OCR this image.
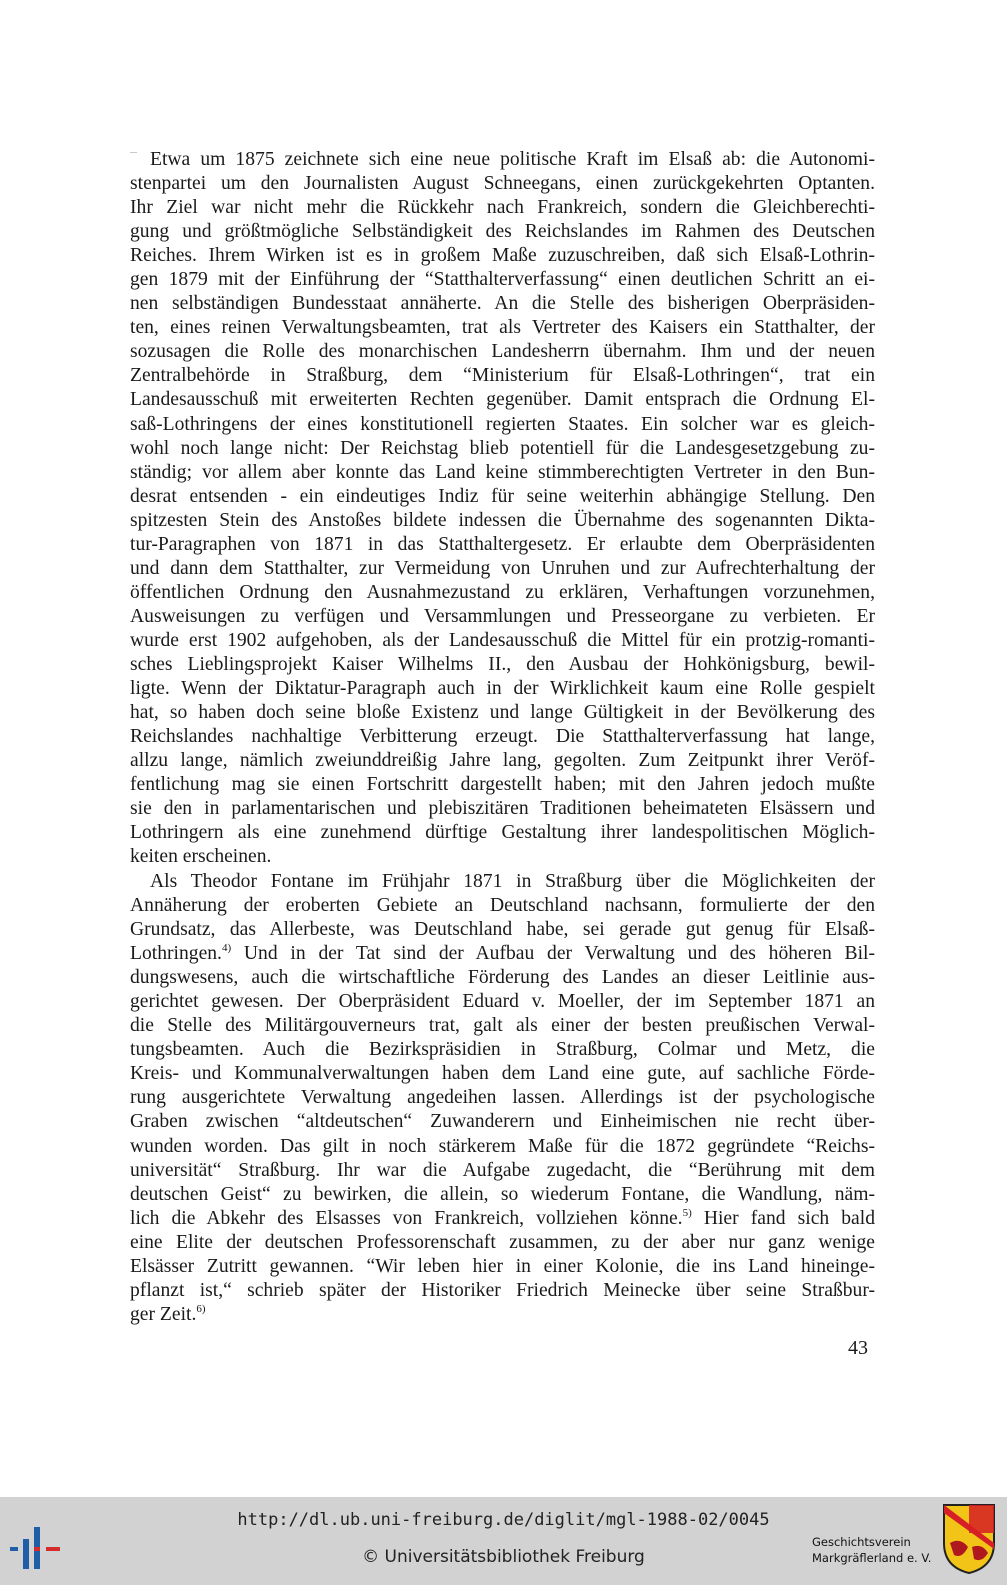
Etwa um 1875 zeichnete sich eine neue politische Kraft im Elsaß ab: die Autonomi-
stenpartei um den Journalisten August Schneegans, einen zurückgekehrten Optanten.
Ihr Ziel war nicht mehr die Rückkehr nach Frankreich, sondern die Gleichberechti-
gung und größtmögliche Selbständigkeit des Reichslandes im Rahmen des Deutschen
Reiches. Ihrem Wirken ist es in großem Maße zuzuschreiben, daß sich Elsaß-Lothrin-
gen 1879 mit der Einführung der “Statthalterverfassung“ einen deutlichen Schritt an ei-
nen selbständigen Bundesstaat annäherte. An die Stelle des bisherigen Oberpräsiden-
ten, eines reinen Verwaltungsbeamten, trat als Vertreter des Kaisers ein Statthalter, der
sozusagen die Rolle des monarchischen Landesherrn übernahm. Ihm und der neuen
Zentralbehörde in Straßburg, dem “Ministerium für Elsaß-Lothringen“, trat ein
Landesausschuß mit erweiterten Rechten gegenüber. Damit entsprach die Ordnung El-
saß-Lothringens der eines konstitutionell regierten Staates. Ein solcher war es gleich-
wohl noch lange nicht: Der Reichstag blieb potentiell für die Landesgesetzgebung zu-
ständig; vor allem aber konnte das Land keine stimmberechtigten Vertreter in den Bun-
desrat entsenden - ein eindeutiges Indiz für seine weiterhin abhängige Stellung. Den
spitzesten Stein des Anstoßes bildete indessen die Übernahme des sogenannten Dikta-
tur-Paragraphen von 1871 in das Statthaltergesetz. Er erlaubte dem Oberpräsidenten
und dann dem Statthalter, zur Vermeidung von Unruhen und zur Aufrechterhaltung der
öffentlichen Ordnung den Ausnahmezustand zu erklären, Verhaftungen vorzunehmen,
Ausweisungen zu verfügen und Versammlungen und Presseorgane zu verbieten. Er
wurde erst 1902 aufgehoben, als der Landesausschuß die Mittel für ein protzig-romanti-
sches Lieblingsprojekt Kaiser Wilhelms II., den Ausbau der Hohkönigsburg, bewil-
ligte. Wenn der Diktatur-Paragraph auch in der Wirklichkeit kaum eine Rolle gespielt
hat, so haben doch seine bloße Existenz und lange Gültigkeit in der Bevölkerung des
Reichslandes nachhaltige Verbitterung erzeugt. Die Statthalterverfassung hat lange,
allzu lange, nämlich zweiunddreißig Jahre lang, gegolten. Zum Zeitpunkt ihrer Veröf-
fentlichung mag sie einen Fortschritt dargestellt haben; mit den Jahren jedoch mußte
sie den in parlamentarischen und plebiszitären Traditionen beheimateten Elsässern und
Lothringern als eine zunehmend dürftige Gestaltung ihrer landespolitischen Möglich-
keiten erscheinen.
Als Theodor Fontane im Frühjahr 1871 in Straßburg über die Möglichkeiten der
Annäherung der eroberten Gebiete an Deutschland nachsann, formulierte der den
Grundsatz, das Allerbeste, was Deutschland habe, sei gerade gut genug für Elsaß-
Lothringen.$^{4)}$ Und in der Tat sind der Aufbau der Verwaltung und des höheren Bil-
dungswesens, auch die wirtschaftliche Förderung des Landes an dieser Leitlinie aus-
gerichtet gewesen. Der Oberpräsident Eduard v. Moeller, der im September 1871 an
die Stelle des Militärgouverneurs trat, galt als einer der besten preußischen Verwal-
tungsbeamten. Auch die Bezirkspräsidien in Straßburg, Colmar und Metz, die
Kreis- und Kommunalverwaltungen haben dem Land eine gute, auf sachliche Förde-
rung ausgerichtete Verwaltung angedeihen lassen. Allerdings ist der psychologische
Graben zwischen “altdeutschen“ Zuwanderern und Einheimischen nie recht über-
wunden worden. Das gilt in noch stärkerem Maße für die 1872 gegründete “Reichs-
universität“ Straßburg. Ihr war die Aufgabe zugedacht, die “Berührung mit dem
deutschen Geist“ zu bewirken, die allein, so wiederum Fontane, die Wandlung, näm-
lich die Abkehr des Elsasses von Frankreich, vollziehen könne.$^{5)}$ Hier fand sich bald
eine Elite der deutschen Professorenschaft zusammen, zu der aber nur ganz wenige
Elsässer Zutritt gewannen. “Wir leben hier in einer Kolonie, die ins Land hineinge-
pflanzt ist,“ schrieb später der Historiker Friedrich Meinecke über seine Straßbur-
ger Zeit.$^{6)}$
43
http://dl.ub.uni-freiburg.de/diglit/mgl-1988-02/0045
© Universitätsbibliothek Freiburg
Geschichtsverein
Markgräflerland e. V.
